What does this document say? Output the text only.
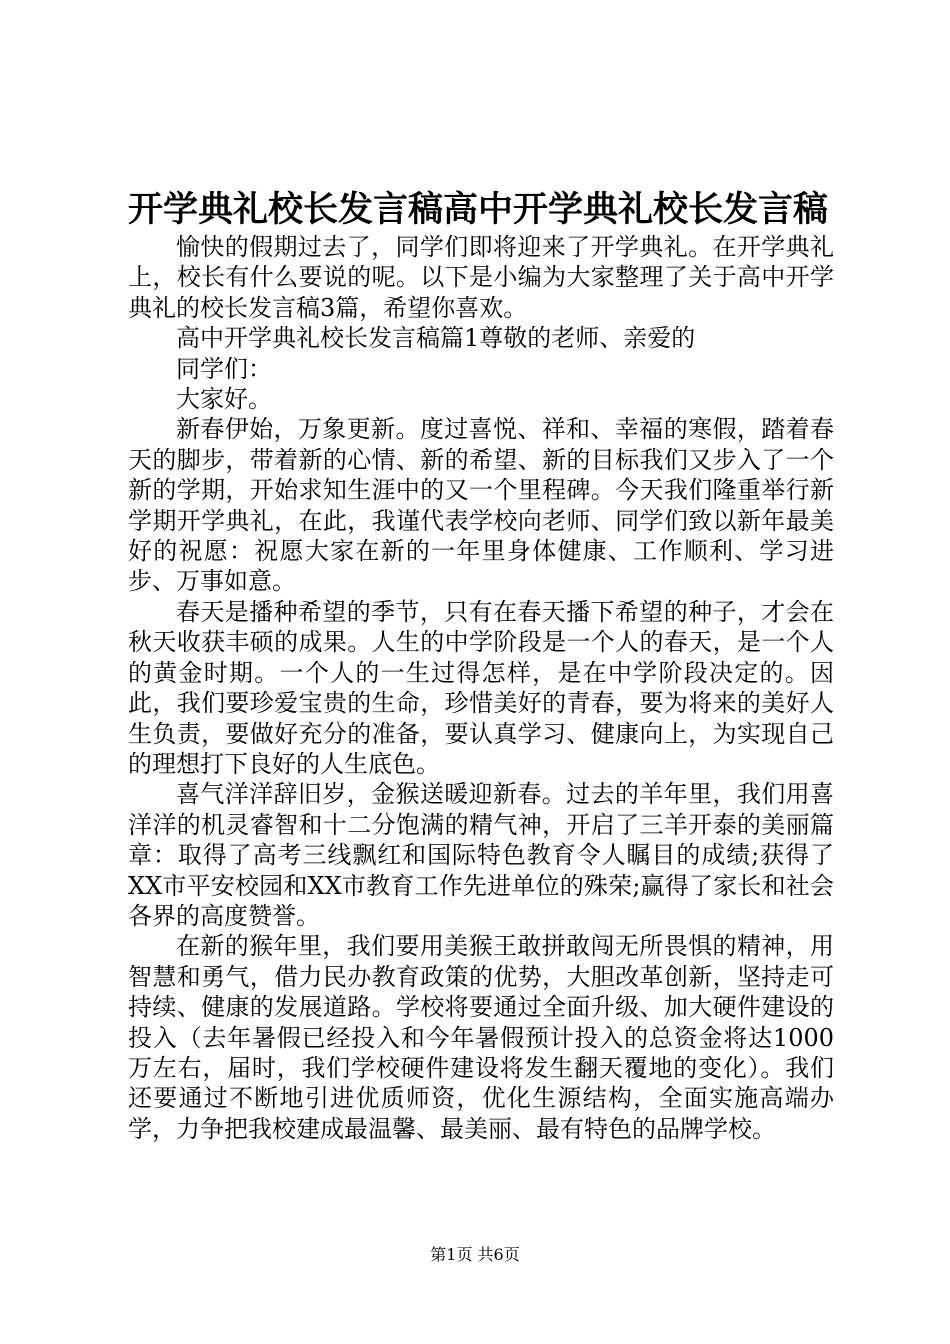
开学典礼校长发言稿高中开学典礼校长发言稿

愉快的假期过去了，同学们即将迎来了开学典礼。在开学典礼上，校长有什么要说的呢。以下是小编为大家整理了关于高中开学典礼的校长发言稿3篇，希望你喜欢。

高中开学典礼校长发言稿篇1尊敬的老师、亲爱的

同学们：

大家好。

新春伊始，万象更新。度过喜悦、祥和、幸福的寒假，踏着春天的脚步，带着新的心情、新的希望、新的目标我们又步入了一个新的学期，开始求知生涯中的又一个里程碑。今天我们隆重举行新学期开学典礼，在此，我谨代表学校向老师、同学们致以新年最美好的祝愿：祝愿大家在新的一年里身体健康、工作顺利、学习进步、万事如意。

春天是播种希望的季节，只有在春天播下希望的种子，才会在秋天收获丰硕的成果。人生的中学阶段是一个人的春天，是一个人的黄金时期。一个人的一生过得怎样，是在中学阶段决定的。因此，我们要珍爱宝贵的生命，珍惜美好的青春，要为将来的美好人生负责，要做好充分的准备，要认真学习、健康向上，为实现自己的理想打下良好的人生底色。

喜气洋洋辞旧岁，金猴送暖迎新春。过去的羊年里，我们用喜洋洋的机灵睿智和十二分饱满的精气神，开启了三羊开泰的美丽篇章：取得了高考三线飘红和国际特色教育令人瞩目的成绩;获得了XX市平安校园和XX市教育工作先进单位的殊荣;赢得了家长和社会各界的高度赞誉。

在新的猴年里，我们要用美猴王敢拼敢闯无所畏惧的精神，用智慧和勇气，借力民办教育政策的优势，大胆改革创新，坚持走可持续、健康的发展道路。学校将要通过全面升级、加大硬件建设的投入（去年暑假已经投入和今年暑假预计投入的总资金将达1000万左右，届时，我们学校硬件建设将发生翻天覆地的变化）。我们还要通过不断地引进优质师资，优化生源结构，全面实施高端办学，力争把我校建成最温馨、最美丽、最有特色的品牌学校。

第1页 共6页
